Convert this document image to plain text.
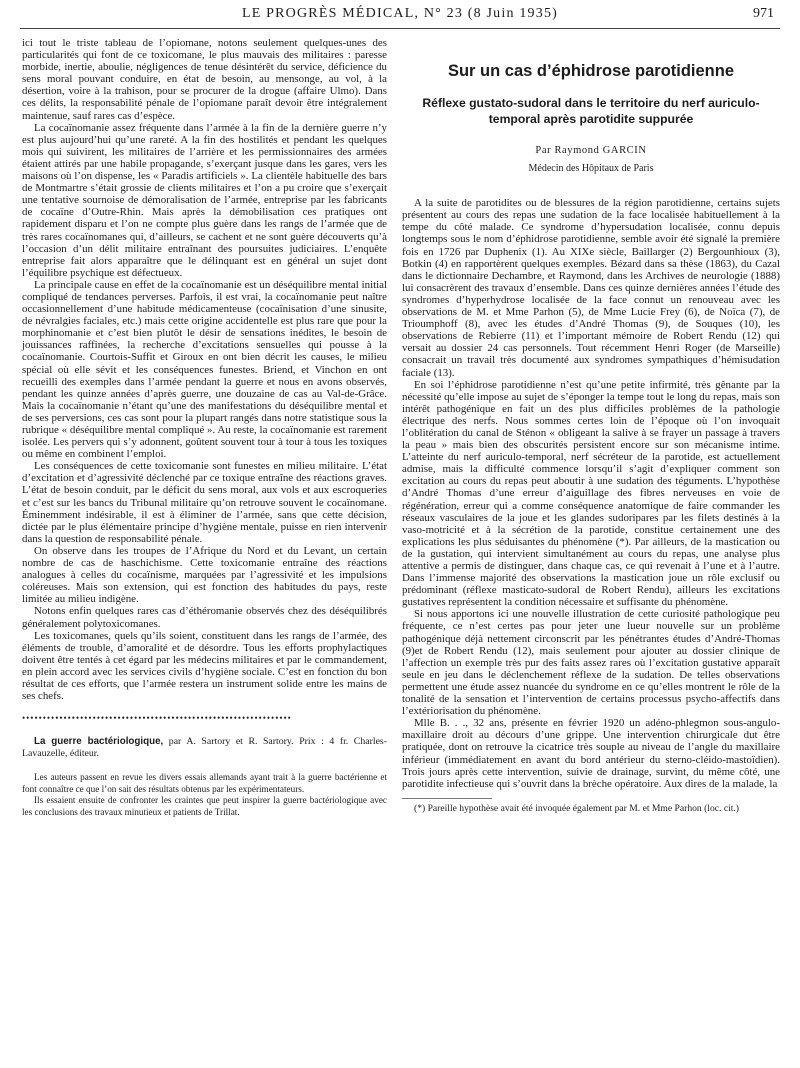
LE PROGRÈS MÉDICAL, N° 23 (8 Juin 1935)	971

ici tout le triste tableau de l’opiomane, notons seulement quelques-unes des particularités qui font de ce toxicomane, le plus mauvais des militaires : paresse morbide, inertie, aboulie, négligences de tenue désintérêt du service, déficience du sens moral pouvant conduire, en état de besoin, au mensonge, au vol, à la désertion, voire à la trahison, pour se procurer de la drogue (affaire Ulmo). Dans ces délits, la responsabilité pénale de l’opiomane paraît devoir être intégralement maintenue, sauf rares cas d’espèce.

La cocaïnomanie assez fréquente dans l’armée à la fin de la dernière guerre n’y est plus aujourd’hui qu’une rareté. A la fin des hostilités et pendant les quelques mois qui suivirent, les militaires de l’arrière et les permissionnaires des armées étaient attirés par une habile propagande, s’exerçant jusque dans les gares, vers les maisons où l’on dispense, les « Paradis artificiels ». La clientèle habituelle des bars de Montmartre s’était grossie de clients militaires et l’on a pu croire que s’exerçait une tentative sournoise de démoralisation de l’armée, entreprise par les fabricants de cocaïne d’Outre-Rhin. Mais après la démobilisation ces pratiques ont rapidement disparu et l’on ne compte plus guère dans les rangs de l’armée que de très rares cocaïnomanes qui, d’ailleurs, se cachent et ne sont guère découverts qu’à l’occasion d’un délit militaire entraînant des poursuites judiciaires. L’enquête entreprise fait alors apparaître que le délinquant est en général un sujet dont l’équilibre psychique est défectueux.

La principale cause en effet de la cocaïnomanie est un déséquilibre mental initial compliqué de tendances perverses. Parfois, il est vrai, la cocaïnomanie peut naître occasionnellement d’une habitude médicamenteuse (cocaïnisation d’une sinusite, de névralgies faciales, etc.) mais cette origine accidentelle est plus rare que pour la morphinomanie et c’est bien plutôt le désir de sensations inédites, le besoin de jouissances raffinées, la recherche d’excitations sensuelles qui pousse à la cocaïnomanie. Courtois-Suffit et Giroux en ont bien décrit les causes, le milieu spécial où elle sévit et les conséquences funestes. Briend, et Vinchon en ont recueilli des exemples dans l’armée pendant la guerre et nous en avons observés, pendant les quinze années d’après guerre, une douzaine de cas au Val-de-Grâce. Mais la cocaïnomanie n’étant qu’une des manifestations du déséquilibre mental et de ses perversions, ces cas sont pour la plupart rangés dans notre statistique sous la rubrique « déséquilibre mental compliqué ». Au reste, la cocaïnomanie est rarement isolée. Les pervers qui s’y adonnent, goûtent souvent tour à tour à tous les toxiques ou même en combinent l’emploi.

Les conséquences de cette toxicomanie sont funestes en milieu militaire. L’état d’excitation et d’agressivité déclenché par ce toxique entraîne des réactions graves. L’état de besoin conduit, par le déficit du sens moral, aux vols et aux escroqueries et c’est sur les bancs du Tribunal militaire qu’on retrouve souvent le cocaïnomane. Éminemment indésirable, il est à éliminer de l’armée, sans que cette décision, dictée par le plus élémentaire principe d’hygiène mentale, puisse en rien intervenir dans la question de responsabilité pénale.

On observe dans les troupes de l’Afrique du Nord et du Levant, un certain nombre de cas de haschichisme. Cette toxicomanie entraîne des réactions analogues à celles du cocaïnisme, marquées par l’agressivité et les impulsions coléreuses. Mais son extension, qui est fonction des habitudes du pays, reste limitée au milieu indigène.

Notons enfin quelques rares cas d’éthéromanie observés chez des déséquilibrés généralement polytoxicomanes.

Les toxicomanes, quels qu’ils soient, constituent dans les rangs de l’armée, des éléments de trouble, d’amoralité et de désordre. Tous les efforts prophylactiques doivent être tentés à cet égard par les médecins militaires et par le commandement, en plein accord avec les services civils d’hygiène sociale. C’est en fonction du bon résultat de ces efforts, que l’armée restera un instrument solide entre les mains de ses chefs.

•••••••••••••••••••••••••••••••••••••••••••••••••••••••••••••••••

La guerre bactériologique, par A. Sartory et R. Sartory. Prix : 4 fr. Charles-Lavauzelle, éditeur.

Les auteurs passent en revue les divers essais allemands ayant trait à la guerre bactérienne et font connaître ce que l’on sait des résultats obtenus par les expérimentateurs.

Ils essaient ensuite de confronter les craintes que peut inspirer la guerre bactériologique avec les conclusions des travaux minutieux et patients de Trillat.

Sur un cas d’éphidrose parotidienne
Réflexe gustato-sudoral dans le territoire du nerf auriculo-temporal après parotidite suppurée
Par Raymond GARCIN
Médecin des Hôpitaux de Paris

A la suite de parotidites ou de blessures de la région parotidienne, certains sujets présentent au cours des repas une sudation de la face localisée habituellement à la tempe du côté malade. Ce syndrome d’hypersudation localisée, connu depuis longtemps sous le nom d’éphidrose parotidienne, semble avoir été signalé la première fois en 1726 par Duphenix (1). Au XIXe siècle, Baillarger (2) Bergounhioux (3), Botkin (4) en rapportèrent quelques exemples. Bézard dans sa thèse (1863), du Cazal dans le dictionnaire Dechambre, et Raymond, dans les Archives de neurologie (1888) lui consacrèrent des travaux d’ensemble. Dans ces quinze dernières années l’étude des syndromes d’hyperhydrose localisée de la face connut un renouveau avec les observations de M. et Mme Parhon (5), de Mme Lucie Frey (6), de Noïca (7), de Trioumphoff (8), avec les études d’André Thomas (9), de Souques (10), les observations de Rebierre (11) et l’important mémoire de Robert Rendu (12) qui versait au dossier 24 cas personnels. Tout récemment Henri Roger (de Marseille) consacrait un travail très documenté aux syndromes sympathiques d’hémisudation faciale (13).

En soi l’éphidrose parotidienne n’est qu’une petite infirmité, très gênante par la nécessité qu’elle impose au sujet de s’éponger la tempe tout le long du repas, mais son intérêt pathogénique en fait un des plus difficiles problèmes de la pathologie électrique des nerfs. Nous sommes certes loin de l’époque où l’on invoquait l’oblitération du canal de Sténon « obligeant la salive à se frayer un passage à travers la peau » mais bien des obscurités persistent encore sur son mécanisme intime. L’atteinte du nerf auriculo-temporal, nerf sécréteur de la parotide, est actuellement admise, mais la difficulté commence lorsqu’il s’agit d’expliquer comment son excitation au cours du repas peut aboutir à une sudation des téguments. L’hypothèse d’André Thomas d’une erreur d’aiguillage des fibres nerveuses en voie de régénération, erreur qui a comme conséquence anatomique de faire commander les réseaux vasculaires de la joue et les glandes sudoripares par les filets destinés à la vaso-motricité et à la sécrétion de la parotide, constitue certainement une des explications les plus séduisantes du phénomène (*). Par ailleurs, de la mastication ou de la gustation, qui intervient simultanément au cours du repas, une analyse plus attentive a permis de distinguer, dans chaque cas, ce qui revenait à l’une et à l’autre. Dans l’immense majorité des observations la mastication joue un rôle exclusif ou prédominant (réflexe masticato-sudoral de Robert Rendu), ailleurs les excitations gustatives représentent la condition nécessaire et suffisante du phénomène.

Si nous apportons ici une nouvelle illustration de cette curiosité pathologique peu fréquente, ce n’est certes pas pour jeter une lueur nouvelle sur un problème pathogénique déjà nettement circonscrit par les pénétrantes études d’André-Thomas (9)et de Robert Rendu (12), mais seulement pour ajouter au dossier clinique de l’affection un exemple très pur des faits assez rares où l’excitation gustative apparaît seule en jeu dans le déclenchement réflexe de la sudation. De telles observations permettent une étude assez nuancée du syndrome en ce qu’elles montrent le rôle de la tonalité de la sensation et l’intervention de certains processus psycho-affectifs dans l’extériorisation du phénomène.

Mlle B. . ., 32 ans, présente en février 1920 un adéno-phlegmon sous-angulo-maxillaire droit au décours d’une grippe. Une intervention chirurgicale dut être pratiquée, dont on retrouve la cicatrice très souple au niveau de l’angle du maxillaire inférieur (immédiatement en avant du bord antérieur du sterno-cléido-mastoïdien). Trois jours après cette intervention, suivie de drainage, survint, du même côté, une parotidite infectieuse qui s’ouvrit dans la brèche opératoire. Aux dires de la malade, la

(*) Pareille hypothèse avait été invoquée également par M. et Mme Parhon (loc. cit.)
